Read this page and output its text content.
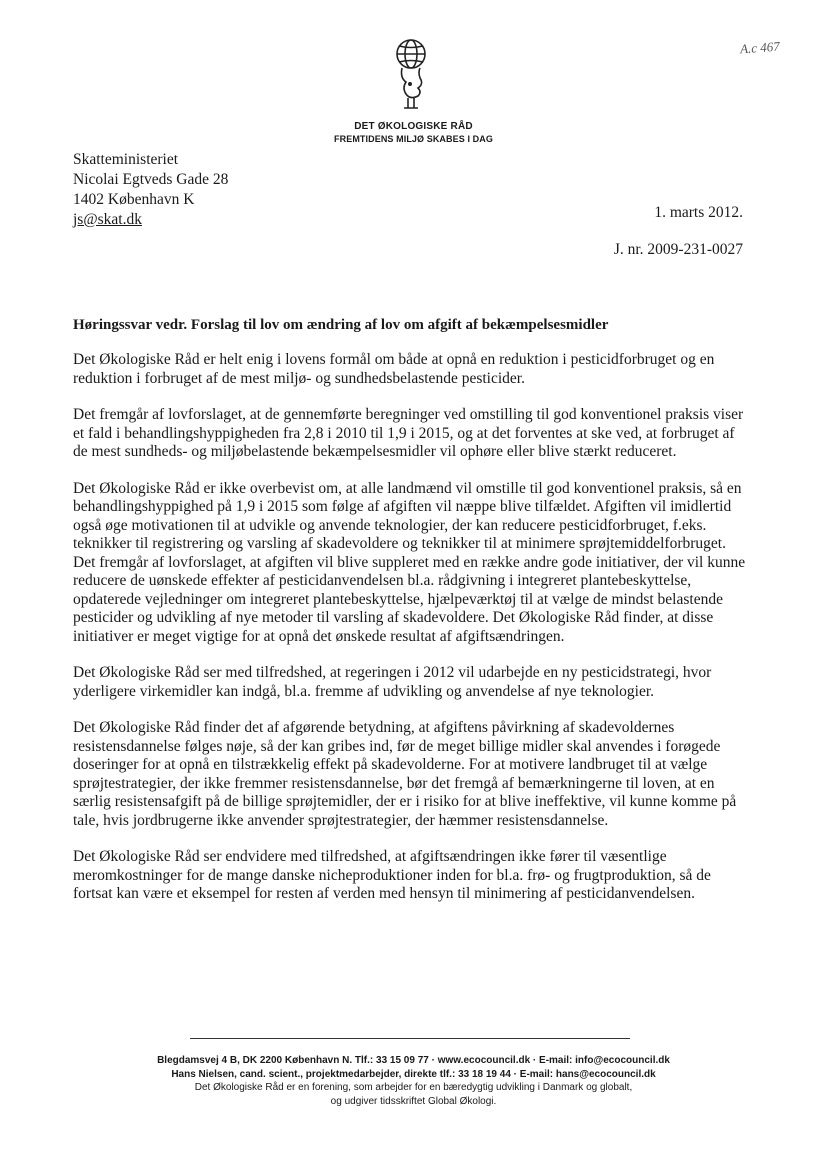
DET ØKOLOGISKE RÅD
FREMTIDENS MILJØ SKABES I DAG
A.c 467
Skatteministeriet
Nicolai Egtveds Gade 28
1402 København K
js@skat.dk	1. marts 2012.
J. nr. 2009-231-0027
Høringssvar vedr. Forslag til lov om ændring af lov om afgift af bekæmpelsesmidler

Det Økologiske Råd er helt enig i lovens formål om både at opnå en reduktion i pesticidforbruget og en reduktion i forbruget af de mest miljø- og sundhedsbelastende pesticider.

Det fremgår af lovforslaget, at de gennemførte beregninger ved omstilling til god konventionel praksis viser et fald i behandlingshyppigheden fra 2,8 i 2010 til 1,9 i 2015, og at det forventes at ske ved, at forbruget af de mest sundheds- og miljøbelastende bekæmpelsesmidler vil ophøre eller blive stærkt reduceret.

Det Økologiske Råd er ikke overbevist om, at alle landmænd vil omstille til god konventionel praksis, så en behandlingshyppighed på 1,9 i 2015 som følge af afgiften vil næppe blive tilfældet. Afgiften vil imidlertid også øge motivationen til at udvikle og anvende teknologier, der kan reducere pesticidforbruget, f.eks. teknikker til registrering og varsling af skadevoldere og teknikker til at minimere sprøjtemiddelforbruget.

Det fremgår af lovforslaget, at afgiften vil blive suppleret med en række andre gode initiativer, der vil kunne reducere de uønskede effekter af pesticidanvendelsen bl.a. rådgivning i integreret plantebeskyttelse, opdaterede vejledninger om integreret plantebeskyttelse, hjælpeværktøj til at vælge de mindst belastende pesticider og udvikling af nye metoder til varsling af skadevoldere. Det Økologiske Råd finder, at disse initiativer er meget vigtige for at opnå det ønskede resultat af afgiftsændringen.

Det Økologiske Råd ser med tilfredshed, at regeringen i 2012 vil udarbejde en ny pesticidstrategi, hvor yderligere virkemidler kan indgå, bl.a. fremme af udvikling og anvendelse af nye teknologier.

Det Økologiske Råd finder det af afgørende betydning, at afgiftens påvirkning af skadevoldernes resistensdannelse følges nøje, så der kan gribes ind, før de meget billige midler skal anvendes i forøgede doseringer for at opnå en tilstrækkelig effekt på skadevolderne. For at motivere landbruget til at vælge sprøjtestrategier, der ikke fremmer resistensdannelse, bør det fremgå af bemærkningerne til loven, at en særlig resistensafgift på de billige sprøjtemidler, der er i risiko for at blive ineffektive, vil kunne komme på tale, hvis jordbrugerne ikke anvender sprøjtestrategier, der hæmmer resistensdannelse.

Det Økologiske Råd ser endvidere med tilfredshed, at afgiftsændringen ikke fører til væsentlige meromkostninger for de mange danske nicheproduktioner inden for bl.a. frø- og frugtproduktion, så de fortsat kan være et eksempel for resten af verden med hensyn til minimering af pesticidanvendelsen.

Blegdamsvej 4 B, DK 2200 København N. Tlf.: 33 15 09 77 · www.ecocouncil.dk · E-mail: info@ecocouncil.dk
Hans Nielsen, cand. scient., projektmedarbejder, direkte tlf.: 33 18 19 44 · E-mail: hans@ecocouncil.dk
Det Økologiske Råd er en forening, som arbejder for en bæredygtig udvikling i Danmark og globalt,
og udgiver tidsskriftet Global Økologi.
